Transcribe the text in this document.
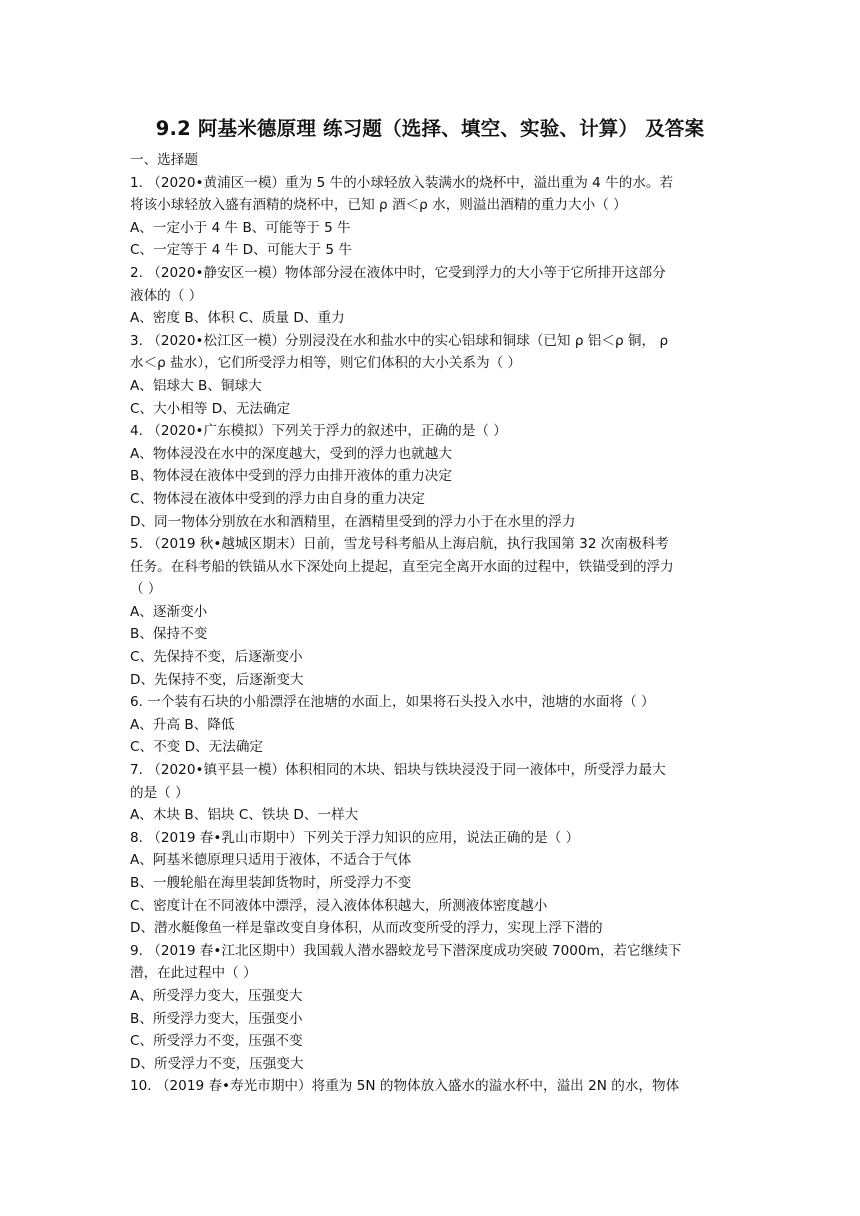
9.2 阿基米德原理 练习题（选择、填空、实验、计算） 及答案
一、选择题
1. （2020•黄浦区一模）重为 5 牛的小球轻放入装满水的烧杯中，溢出重为 4 牛的水。若
将该小球轻放入盛有酒精的烧杯中，已知 ρ 酒＜ρ 水，则溢出酒精的重力大小（ ）
A、一定小于 4 牛 B、可能等于 5 牛
C、一定等于 4 牛 D、可能大于 5 牛
2. （2020•静安区一模）物体部分浸在液体中时，它受到浮力的大小等于它所排开这部分
液体的（ ）
A、密度 B、体积 C、质量 D、重力
3. （2020•松江区一模）分别浸没在水和盐水中的实心铝球和铜球（已知 ρ 铝＜ρ 铜， ρ
水＜ρ 盐水），它们所受浮力相等，则它们体积的大小关系为（ ）
A、铝球大 B、铜球大
C、大小相等 D、无法确定
4. （2020•广东模拟）下列关于浮力的叙述中，正确的是（ ）
A、物体浸没在水中的深度越大，受到的浮力也就越大
B、物体浸在液体中受到的浮力由排开液体的重力决定
C、物体浸在液体中受到的浮力由自身的重力决定
D、同一物体分别放在水和酒精里，在酒精里受到的浮力小于在水里的浮力
5. （2019 秋•越城区期末）日前，雪龙号科考船从上海启航，执行我国第 32 次南极科考
任务。在科考船的铁锚从水下深处向上提起，直至完全离开水面的过程中，铁锚受到的浮力
（ ）
A、逐渐变小
B、保持不变
C、先保持不变，后逐渐变小
D、先保持不变，后逐渐变大
6. 一个装有石块的小船漂浮在池塘的水面上，如果将石头投入水中，池塘的水面将（ ）
A、升高 B、降低
C、不变 D、无法确定
7. （2020•镇平县一模）体积相同的木块、铝块与铁块浸没于同一液体中，所受浮力最大
的是（ ）
A、木块 B、铝块 C、铁块 D、一样大
8. （2019 春•乳山市期中）下列关于浮力知识的应用，说法正确的是（ ）
A、阿基米德原理只适用于液体，不适合于气体
B、一艘轮船在海里装卸货物时，所受浮力不变
C、密度计在不同液体中漂浮，浸入液体体积越大，所测液体密度越小
D、潜水艇像鱼一样是靠改变自身体积，从而改变所受的浮力，实现上浮下潜的
9. （2019 春•江北区期中）我国载人潜水器蛟龙号下潜深度成功突破 7000m，若它继续下
潜，在此过程中（ ）
A、所受浮力变大，压强变大
B、所受浮力变大，压强变小
C、所受浮力不变，压强不变
D、所受浮力不变，压强变大
10. （2019 春•寿光市期中）将重为 5N 的物体放入盛水的溢水杯中，溢出 2N 的水，物体
